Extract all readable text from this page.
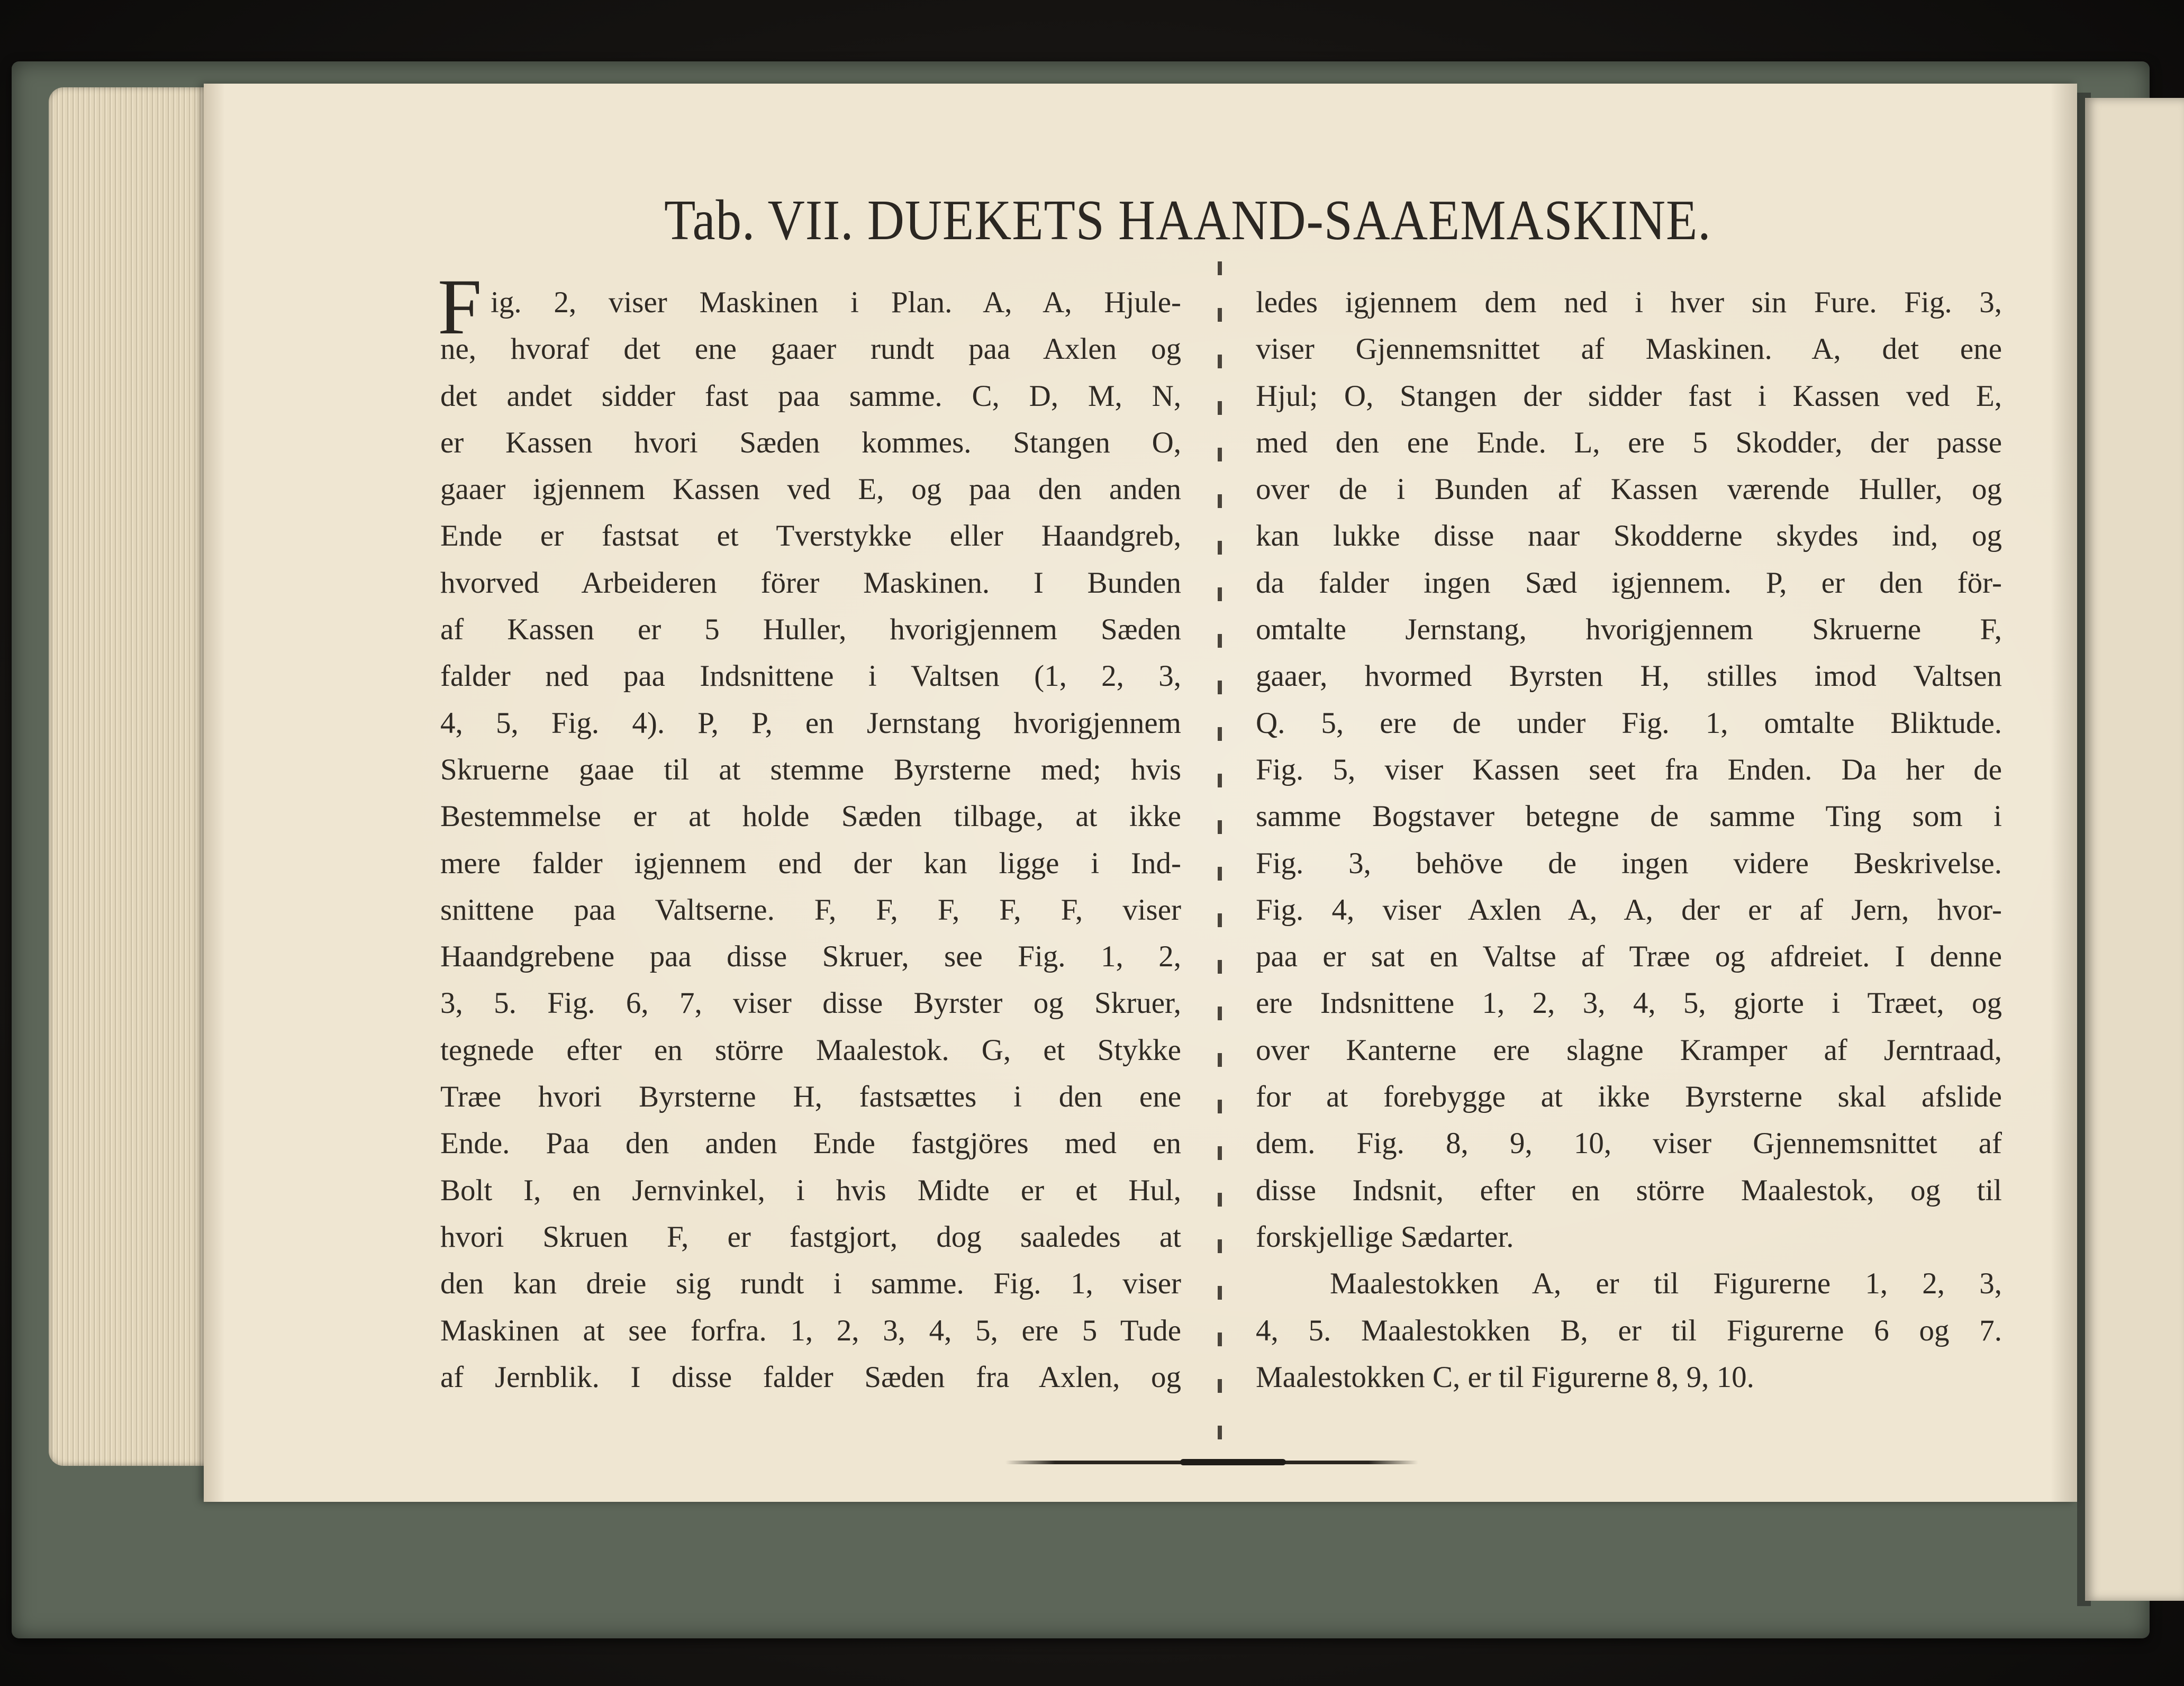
Tab. VII. DUEKETS HAAND-SAAEMASKINE.
F ig. 2, viser Maskinen i Plan. A, A, Hjule-
ne, hvoraf det ene gaaer rundt paa Axlen og
det andet sidder fast paa samme. C, D, M, N,
er Kassen hvori Sæden kommes. Stangen O,
gaaer igjennem Kassen ved E, og paa den anden
Ende er fastsat et Tverstykke eller Haandgreb,
hvorved Arbeideren förer Maskinen. I Bunden
af Kassen er 5 Huller, hvorigjennem Sæden
falder ned paa Indsnittene i Valtsen (1, 2, 3,
4, 5, Fig. 4). P, P, en Jernstang hvorigjennem
Skruerne gaae til at stemme Byrsterne med; hvis
Bestemmelse er at holde Sæden tilbage, at ikke
mere falder igjennem end der kan ligge i Ind-
snittene paa Valtserne. F, F, F, F, F, viser
Haandgrebene paa disse Skruer, see Fig. 1, 2,
3, 5. Fig. 6, 7, viser disse Byrster og Skruer,
tegnede efter en större Maalestok. G, et Stykke
Træe hvori Byrsterne H, fastsættes i den ene
Ende. Paa den anden Ende fastgjöres med en
Bolt I, en Jernvinkel, i hvis Midte er et Hul,
hvori Skruen F, er fastgjort, dog saaledes at
den kan dreie sig rundt i samme. Fig. 1, viser
Maskinen at see forfra. 1, 2, 3, 4, 5, ere 5 Tude
af Jernblik. I disse falder Sæden fra Axlen, og
ledes igjennem dem ned i hver sin Fure. Fig. 3,
viser Gjennemsnittet af Maskinen. A, det ene
Hjul; O, Stangen der sidder fast i Kassen ved E,
med den ene Ende. L, ere 5 Skodder, der passe
over de i Bunden af Kassen værende Huller, og
kan lukke disse naar Skodderne skydes ind, og
da falder ingen Sæd igjennem. P, er den för-
omtalte Jernstang, hvorigjennem Skruerne F,
gaaer, hvormed Byrsten H, stilles imod Valtsen
Q. 5, ere de under Fig. 1, omtalte Bliktude.
Fig. 5, viser Kassen seet fra Enden. Da her de
samme Bogstaver betegne de samme Ting som i
Fig. 3, behöve de ingen videre Beskrivelse.
Fig. 4, viser Axlen A, A, der er af Jern, hvor-
paa er sat en Valtse af Træe og afdreiet. I denne
ere Indsnittene 1, 2, 3, 4, 5, gjorte i Træet, og
over Kanterne ere slagne Kramper af Jerntraad,
for at forebygge at ikke Byrsterne skal afslide
dem. Fig. 8, 9, 10, viser Gjennemsnittet af
disse Indsnit, efter en större Maalestok, og til
forskjellige Sædarter.
Maalestokken A, er til Figurerne 1, 2, 3,
4, 5. Maalestokken B, er til Figurerne 6 og 7.
Maalestokken C, er til Figurerne 8, 9, 10.
